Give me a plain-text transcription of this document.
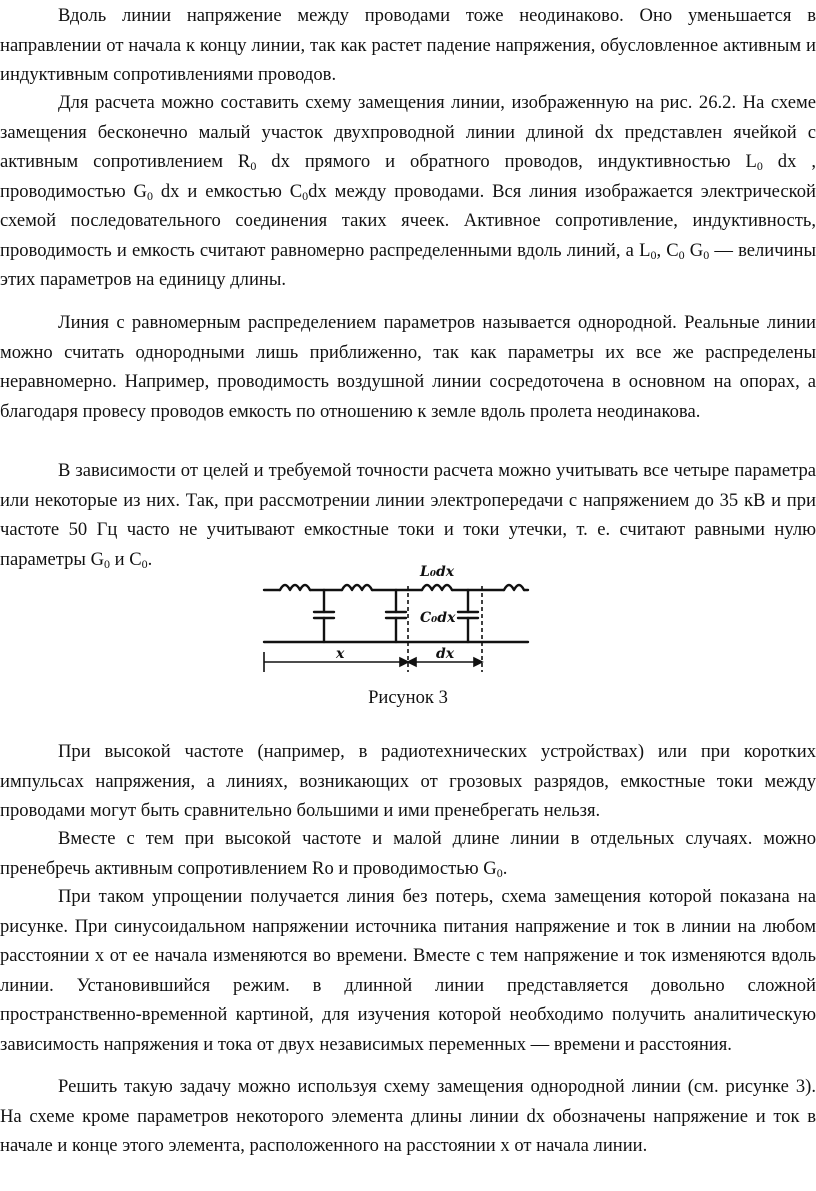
Вдоль линии напряжение между проводами тоже неодинаково. Оно уменьшается в направлении от начала к концу линии, так как растет падение напряжения, обусловленное активным и индуктивным сопротивлениями проводов.

Для расчета можно составить схему замещения линии, изображенную на рис. 26.2. На схеме замещения бесконечно малый участок двухпроводной линии длиной dx представлен ячейкой с активным сопротивлением $R_0$ dx прямого и обратного проводов, индуктивностью $L_0$ dx , проводимостью $G_0$ dx и емкостью $C_0dx$ между проводами. Вся линия изображается электрической схемой последовательного соединения таких ячеек. Активное сопротивление, индуктивность, проводимость и емкость считают равномерно распределенными вдоль линий, а $L_0$, $C_0$ $G_0$ — величины этих параметров на единицу длины.

Линия с равномерным распределением параметров называется однородной. Реальные линии можно считать однородными лишь приближенно, так как параметры их все же распределены неравномерно. Например, проводимость воздушной линии сосредоточена в основном на опорах, а благодаря провесу проводов емкость по отношению к земле вдоль пролета неодинакова.

В зависимости от целей и требуемой точности расчета можно учитывать все четыре параметра или некоторые из них. Так, при рассмотрении линии электропередачи с напряжением до 35 кВ и при частоте 50 Гц часто не учитывают емкостные токи и токи утечки, т. е. считают равными нулю параметры $G_0$ и $C_0$.

L₀dx
C₀dx
x	dx

Рисунок 3

При высокой частоте (например, в радиотехнических устройствах) или при коротких импульсах напряжения, а линиях, возникающих от грозовых разрядов, емкостные токи между проводами могут быть сравнительно большими и ими пренебрегать нельзя.

Вместе с тем при высокой частоте и малой длине линии в отдельных случаях. можно пренебречь активным сопротивлением Ro и проводимостью $G_0$.

При таком упрощении получается линия без потерь, схема замещения которой показана на рисунке. При синусоидальном напряжении источника питания напряжение и ток в линии на любом расстоянии x от ее начала изменяются во времени. Вместе с тем напряжение и ток изменяются вдоль линии. Установившийся режим. в длинной линии представляется довольно сложной пространственно-временной картиной, для изучения которой необходимо получить аналитическую зависимость напряжения и тока от двух независимых переменных — времени и расстояния.

Решить такую задачу можно используя схему замещения однородной линии (см. рисунке 3). На схеме кроме параметров некоторого элемента длины линии dx обозначены напряжение и ток в начале и конце этого элемента, расположенного на расстоянии x от начала линии.
